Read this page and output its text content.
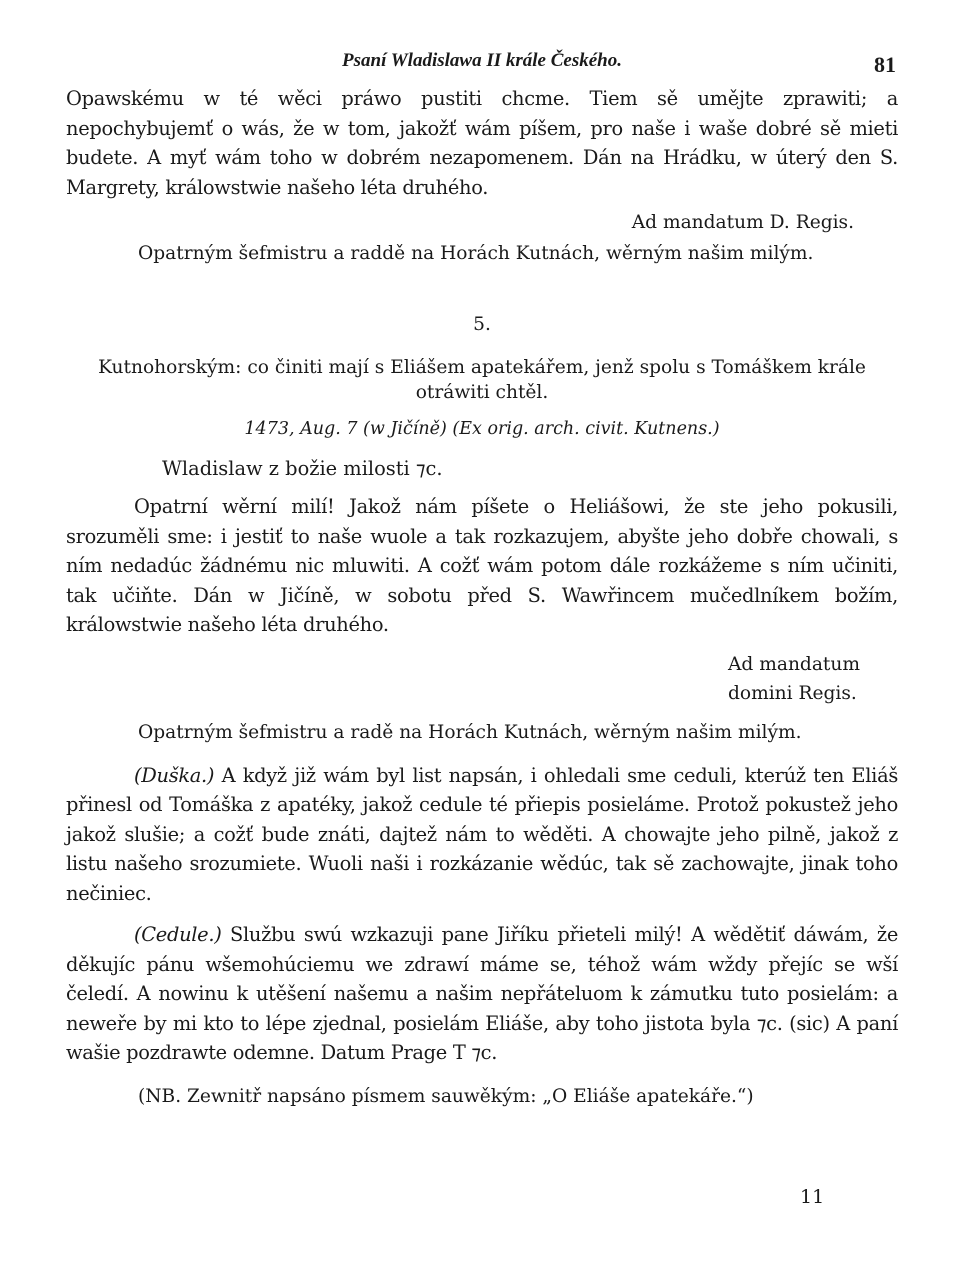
Psaní Wladislawa II krále Českého.	81

Opawskému w té wěci práwo pustiti chcme. Tiem sě umějte zprawiti; a nepochybujemť o wás, že w tom, jakožť wám píšem, pro naše i waše dobré sě mieti budete. A myť wám toho w dobrém nezapomenem. Dán na Hrádku, w úterý den S. Margrety, králowstwie našeho léta druhého.

Ad mandatum D. Regis.
Opatrným šefmistru a raddě na Horách Kutnách, wěrným našim milým.
5.
Kutnohorským: co činiti mají s Eliášem apatekářem, jenž spolu s Tomáškem krále
otráwiti chtěl.
1473, Aug. 7 (w Jičíně) (Ex orig. arch. civit. Kutnens.)
Wladislaw z božie milosti ⁊c.

Opatrní wěrní milí! Jakož nám píšete o Heliášowi, že ste jeho pokusili, srozuměli sme: i jestiť to naše wuole a tak rozkazujem, abyšte jeho dobře chowali, s ním nedadúc žádnému nic mluwiti. A cožť wám potom dále rozkážeme s ním učiniti, tak učiňte. Dán w Jičíně, w sobotu před S. Wawřincem mučedlníkem božím, králowstwie našeho léta druhého.

Ad mandatum
domini Regis.
Opatrným šefmistru a radě na Horách Kutnách, wěrným našim milým.

(Duška.) A když již wám byl list napsán, i ohledali sme ceduli, kterúž ten Eliáš přinesl od Tomáška z apatéky, jakož cedule té přiepis posieláme. Protož pokustež jeho jakož slušie; a cožť bude znáti, dajtež nám to wěděti. A chowajte jeho pilně, jakož z listu našeho srozumiete. Wuoli naši i rozkázanie wědúc, tak sě zachowajte, jinak toho nečiniec.

(Cedule.) Službu swú wzkazuji pane Jiříku přieteli milý! A wědětiť dáwám, že děkujíc pánu wšemohúciemu we zdrawí máme se, téhož wám wždy přejíc se wší čeledí. A nowinu k utěšení našemu a našim nepřáteluom k zámutku tuto posielám: a neweře by mi kto to lépe zjednal, posielám Eliáše, aby toho jistota byla ⁊c. (sic) A paní wašie pozdrawte odemne. Datum Prage T ⁊c.

(NB. Zewnitř napsáno písmem sauwěkým: „O Eliáše apatekáře.“)
11
